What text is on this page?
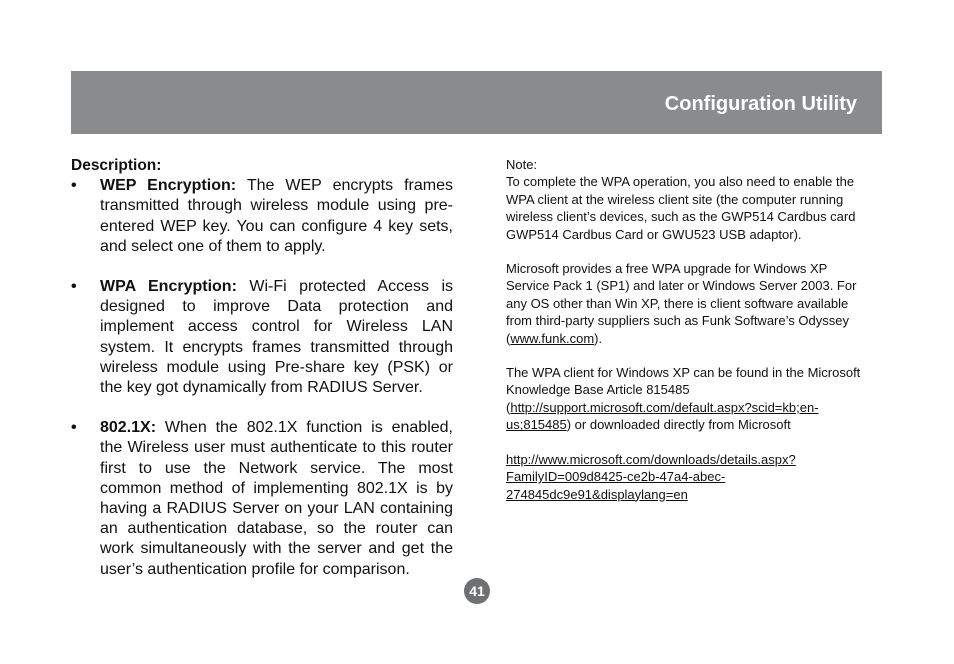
Configuration Utility
Description:
• WEP Encryption: The WEP encrypts frames transmitted through wireless module using pre-entered WEP key. You can configure 4 key sets, and select one of them to apply.
• WPA Encryption: Wi-Fi protected Access is designed to improve Data protection and implement access control for Wireless LAN system. It encrypts frames transmitted through wireless module using Pre-share key (PSK) or the key got dynamically from RADIUS Server.
• 802.1X: When the 802.1X function is enabled, the Wireless user must authenticate to this router first to use the Network service. The most common method of implementing 802.1X is by having a RADIUS Server on your LAN containing an authentication database, so the router can work simultaneously with the server and get the user’s authentication profile for comparison.

Note:
To complete the WPA operation, you also need to enable the WPA client at the wireless client site (the computer running wireless client’s devices, such as the GWP514 Cardbus card GWP514 Cardbus Card or GWU523 USB adaptor).

Microsoft provides a free WPA upgrade for Windows XP Service Pack 1 (SP1) and later or Windows Server 2003. For any OS other than Win XP, there is client software available from third-party suppliers such as Funk Software’s Odyssey (www.funk.com).

The WPA client for Windows XP can be found in the Microsoft Knowledge Base Article 815485 (http://support.microsoft.com/default.aspx?scid=kb;en-us;815485) or downloaded directly from Microsoft

http://www.microsoft.com/downloads/details.aspx?FamilyID=009d8425-ce2b-47a4-abec-274845dc9e91&displaylang=en

41
